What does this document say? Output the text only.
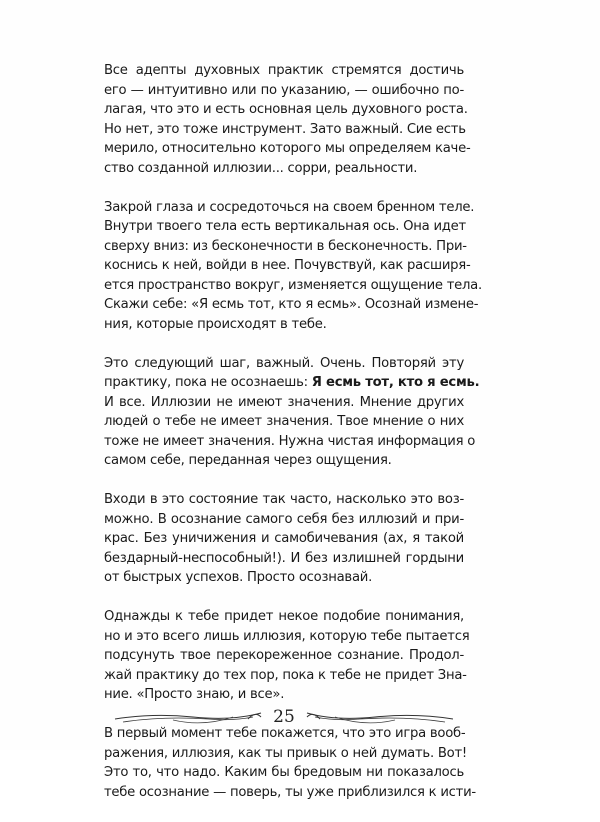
Все адепты духовных практик стремятся достичь
его — интуитивно или по указанию, — ошибочно по-
лагая, что это и есть основная цель духовного роста.
Но нет, это тоже инструмент. Зато важный. Сие есть
мерило, относительно которого мы определяем каче-
ство созданной иллюзии... сорри, реальности.
Закрой глаза и сосредоточься на своем бренном теле.
Внутри твоего тела есть вертикальная ось. Она идет
сверху вниз: из бесконечности в бесконечность. При-
коснись к ней, войди в нее. Почувствуй, как расширя-
ется пространство вокруг, изменяется ощущение тела.
Скажи себе: «Я есмь тот, кто я есмь». Осознай измене-
ния, которые происходят в тебе.
Это следующий шаг, важный. Очень. Повторяй эту
практику, пока не осознаешь: Я есмь тот, кто я есмь.
И все. Иллюзии не имеют значения. Мнение других
людей о тебе не имеет значения. Твое мнение о них
тоже не имеет значения. Нужна чистая информация о
самом себе, переданная через ощущения.
Входи в это состояние так часто, насколько это воз-
можно. В осознание самого себя без иллюзий и при-
крас. Без уничижения и самобичевания (ах, я такой
бездарный-неспособный!). И без излишней гордыни
от быстрых успехов. Просто осознавай.
Однажды к тебе придет некое подобие понимания,
но и это всего лишь иллюзия, которую тебе пытается
подсунуть твое перекореженное сознание. Продол-
жай практику до тех пор, пока к тебе не придет Зна-
ние. «Просто знаю, и все».
В первый момент тебе покажется, что это игра вооб-
ражения, иллюзия, как ты привык о ней думать. Вот!
Это то, что надо. Каким бы бредовым ни показалось
тебе осознание — поверь, ты уже приблизился к исти-
25
